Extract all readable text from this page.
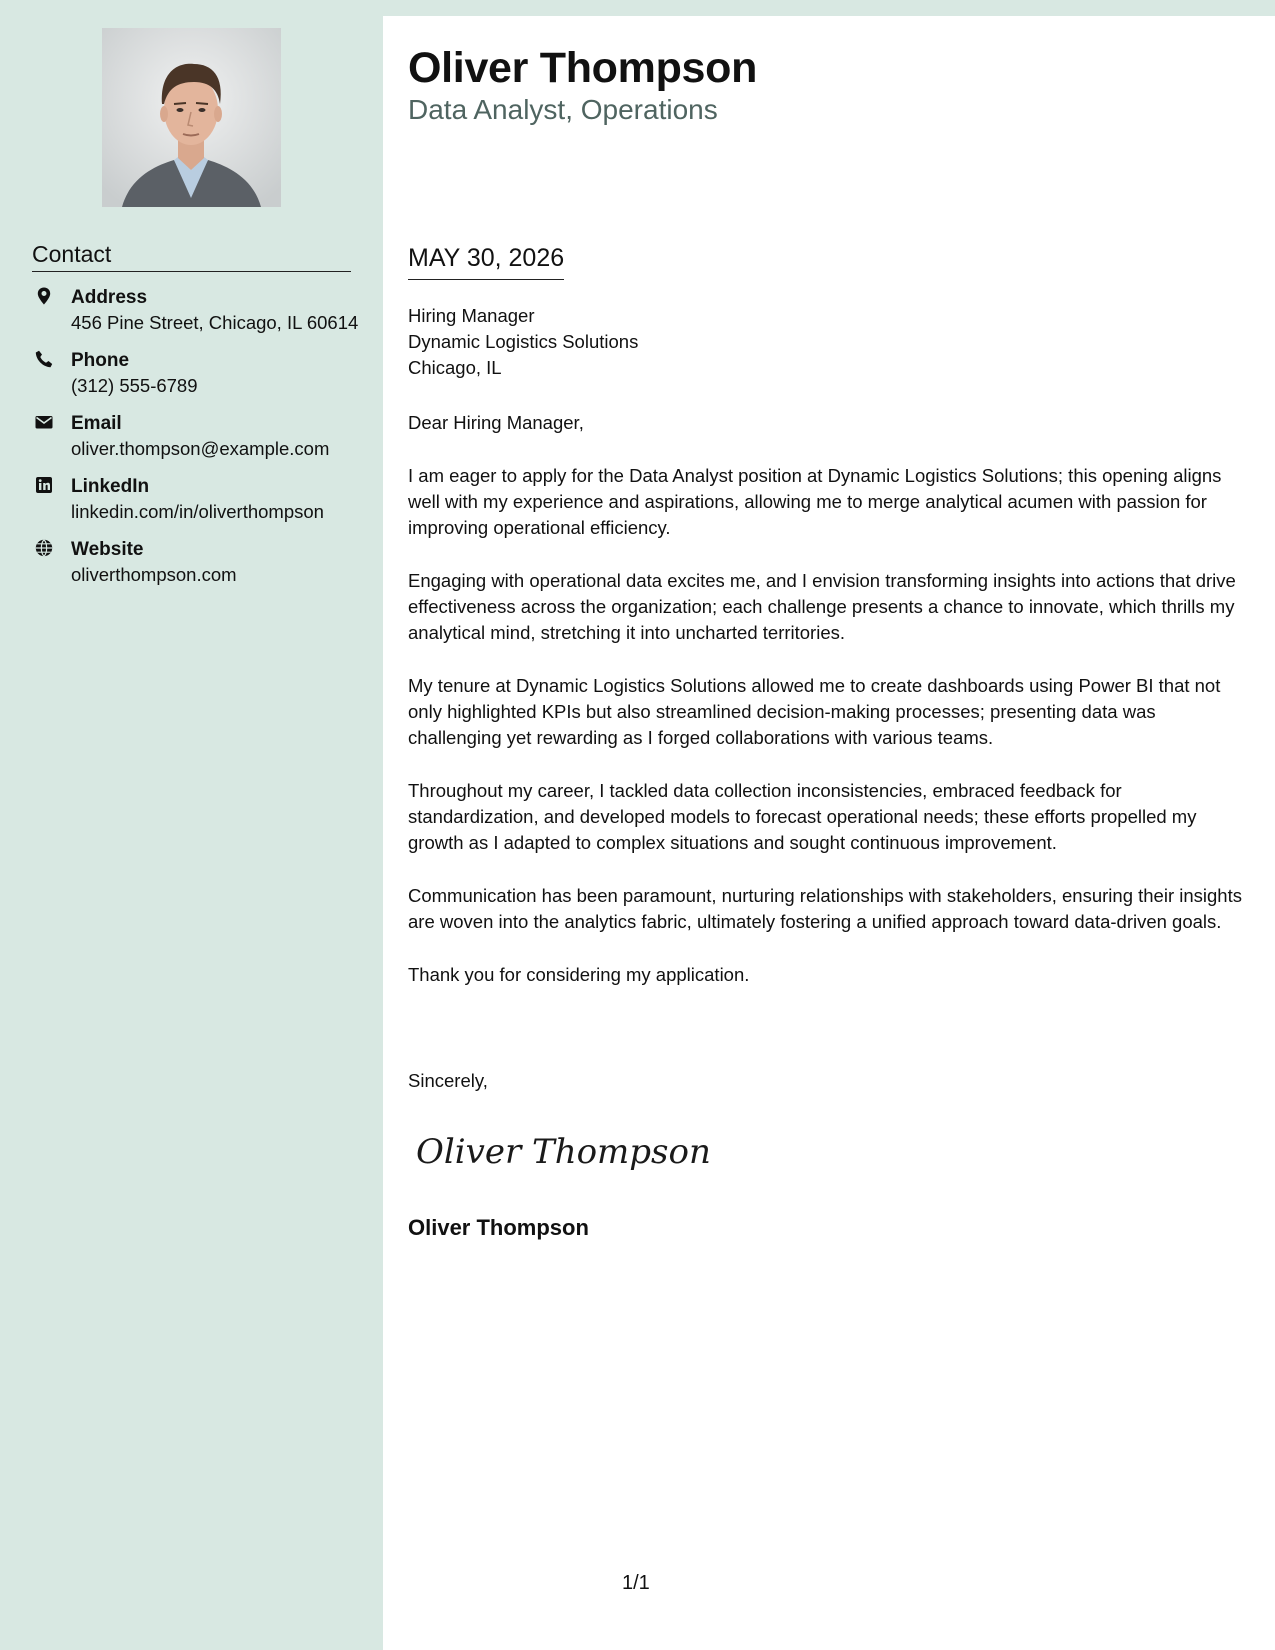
Contact
Address
456 Pine Street, Chicago, IL 60614
Phone
(312) 555-6789
Email
oliver.thompson@example.com
LinkedIn
linkedin.com/in/oliverthompson
Website
oliverthompson.com
Oliver Thompson
Data Analyst, Operations
MAY 30, 2026
Hiring Manager
Dynamic Logistics Solutions
Chicago, IL

Dear Hiring Manager,

I am eager to apply for the Data Analyst position at Dynamic Logistics Solutions; this opening aligns well with my experience and aspirations, allowing me to merge analytical acumen with passion for improving operational efficiency.

Engaging with operational data excites me, and I envision transforming insights into actions that drive effectiveness across the organization; each challenge presents a chance to innovate, which thrills my analytical mind, stretching it into uncharted territories.

My tenure at Dynamic Logistics Solutions allowed me to create dashboards using Power BI that not only highlighted KPIs but also streamlined decision-making processes; presenting data was challenging yet rewarding as I forged collaborations with various teams.

Throughout my career, I tackled data collection inconsistencies, embraced feedback for standardization, and developed models to forecast operational needs; these efforts propelled my growth as I adapted to complex situations and sought continuous improvement.

Communication has been paramount, nurturing relationships with stakeholders, ensuring their insights are woven into the analytics fabric, ultimately fostering a unified approach toward data-driven goals.

Thank you for considering my application.

Sincerely,
Oliver Thompson
Oliver Thompson
1/1
